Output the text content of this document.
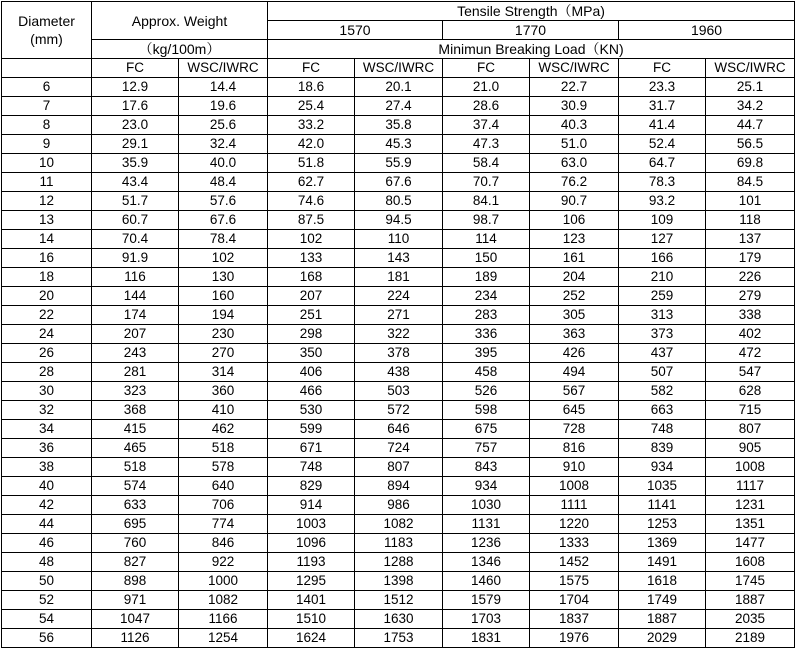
Diameter
(mm)	Approx. Weight		Tensile Strength（MPa)					
			1570		1770		1960	
	（kg/100m）		Minimun Breaking Load（KN)					
	FC	WSC/IWRC	FC	WSC/IWRC	FC	WSC/IWRC	FC	WSC/IWRC
6	12.9	14.4	18.6	20.1	21.0	22.7	23.3	25.1
7	17.6	19.6	25.4	27.4	28.6	30.9	31.7	34.2
8	23.0	25.6	33.2	35.8	37.4	40.3	41.4	44.7
9	29.1	32.4	42.0	45.3	47.3	51.0	52.4	56.5
10	35.9	40.0	51.8	55.9	58.4	63.0	64.7	69.8
11	43.4	48.4	62.7	67.6	70.7	76.2	78.3	84.5
12	51.7	57.6	74.6	80.5	84.1	90.7	93.2	101
13	60.7	67.6	87.5	94.5	98.7	106	109	118
14	70.4	78.4	102	110	114	123	127	137
16	91.9	102	133	143	150	161	166	179
18	116	130	168	181	189	204	210	226
20	144	160	207	224	234	252	259	279
22	174	194	251	271	283	305	313	338
24	207	230	298	322	336	363	373	402
26	243	270	350	378	395	426	437	472
28	281	314	406	438	458	494	507	547
30	323	360	466	503	526	567	582	628
32	368	410	530	572	598	645	663	715
34	415	462	599	646	675	728	748	807
36	465	518	671	724	757	816	839	905
38	518	578	748	807	843	910	934	1008
40	574	640	829	894	934	1008	1035	1117
42	633	706	914	986	1030	1111	1141	1231
44	695	774	1003	1082	1131	1220	1253	1351
46	760	846	1096	1183	1236	1333	1369	1477
48	827	922	1193	1288	1346	1452	1491	1608
50	898	1000	1295	1398	1460	1575	1618	1745
52	971	1082	1401	1512	1579	1704	1749	1887
54	1047	1166	1510	1630	1703	1837	1887	2035
56	1126	1254	1624	1753	1831	1976	2029	2189
